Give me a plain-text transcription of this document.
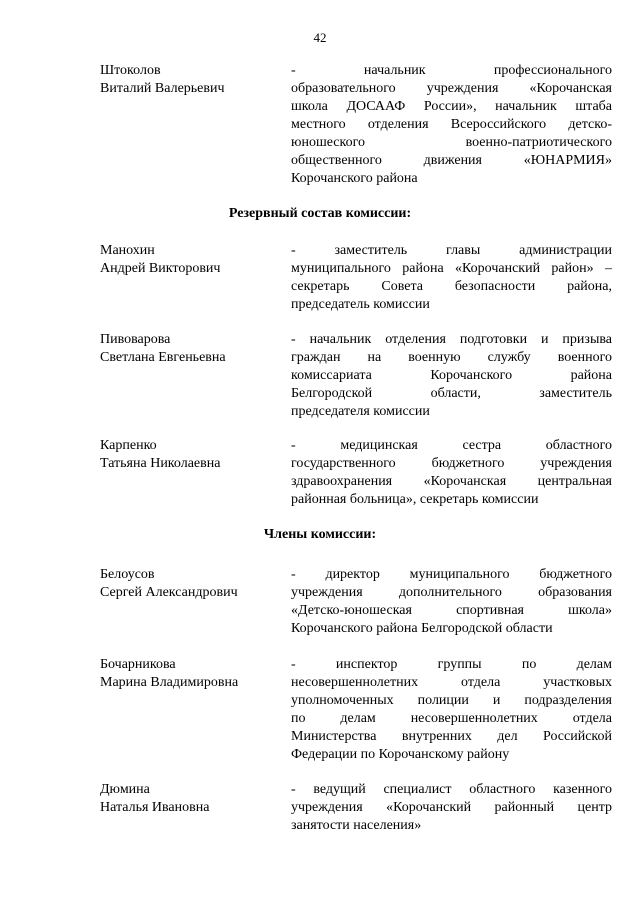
42
Штоколов
Виталий Валерьевич
- начальник профессионального
образовательного учреждения «Корочанская
школа ДОСААФ России», начальник штаба
местного отделения Всероссийского детско-
юношеского военно-патриотического
общественного движения «ЮНАРМИЯ»
Корочанского района
Резервный состав комиссии:
Манохин
Андрей Викторович
- заместитель главы администрации
муниципального района «Корочанский район» –
секретарь Совета безопасности района,
председатель комиссии
Пивоварова
Светлана Евгеньевна
- начальник отделения подготовки и призыва
граждан на военную службу военного
комиссариата Корочанского района
Белгородской области, заместитель
председателя комиссии
Карпенко
Татьяна Николаевна
- медицинская сестра областного
государственного бюджетного учреждения
здравоохранения «Корочанская центральная
районная больница», секретарь комиссии
Члены комиссии:
Белоусов
Сергей Александрович
- директор муниципального бюджетного
учреждения дополнительного образования
«Детско-юношеская спортивная школа»
Корочанского района Белгородской области
Бочарникова
Марина Владимировна
- инспектор группы по делам
несовершеннолетних отдела участковых
уполномоченных полиции и подразделения
по делам несовершеннолетних отдела
Министерства внутренних дел Российской
Федерации по Корочанскому району
Дюмина
Наталья Ивановна
- ведущий специалист областного казенного
учреждения «Корочанский районный центр
занятости населения»
